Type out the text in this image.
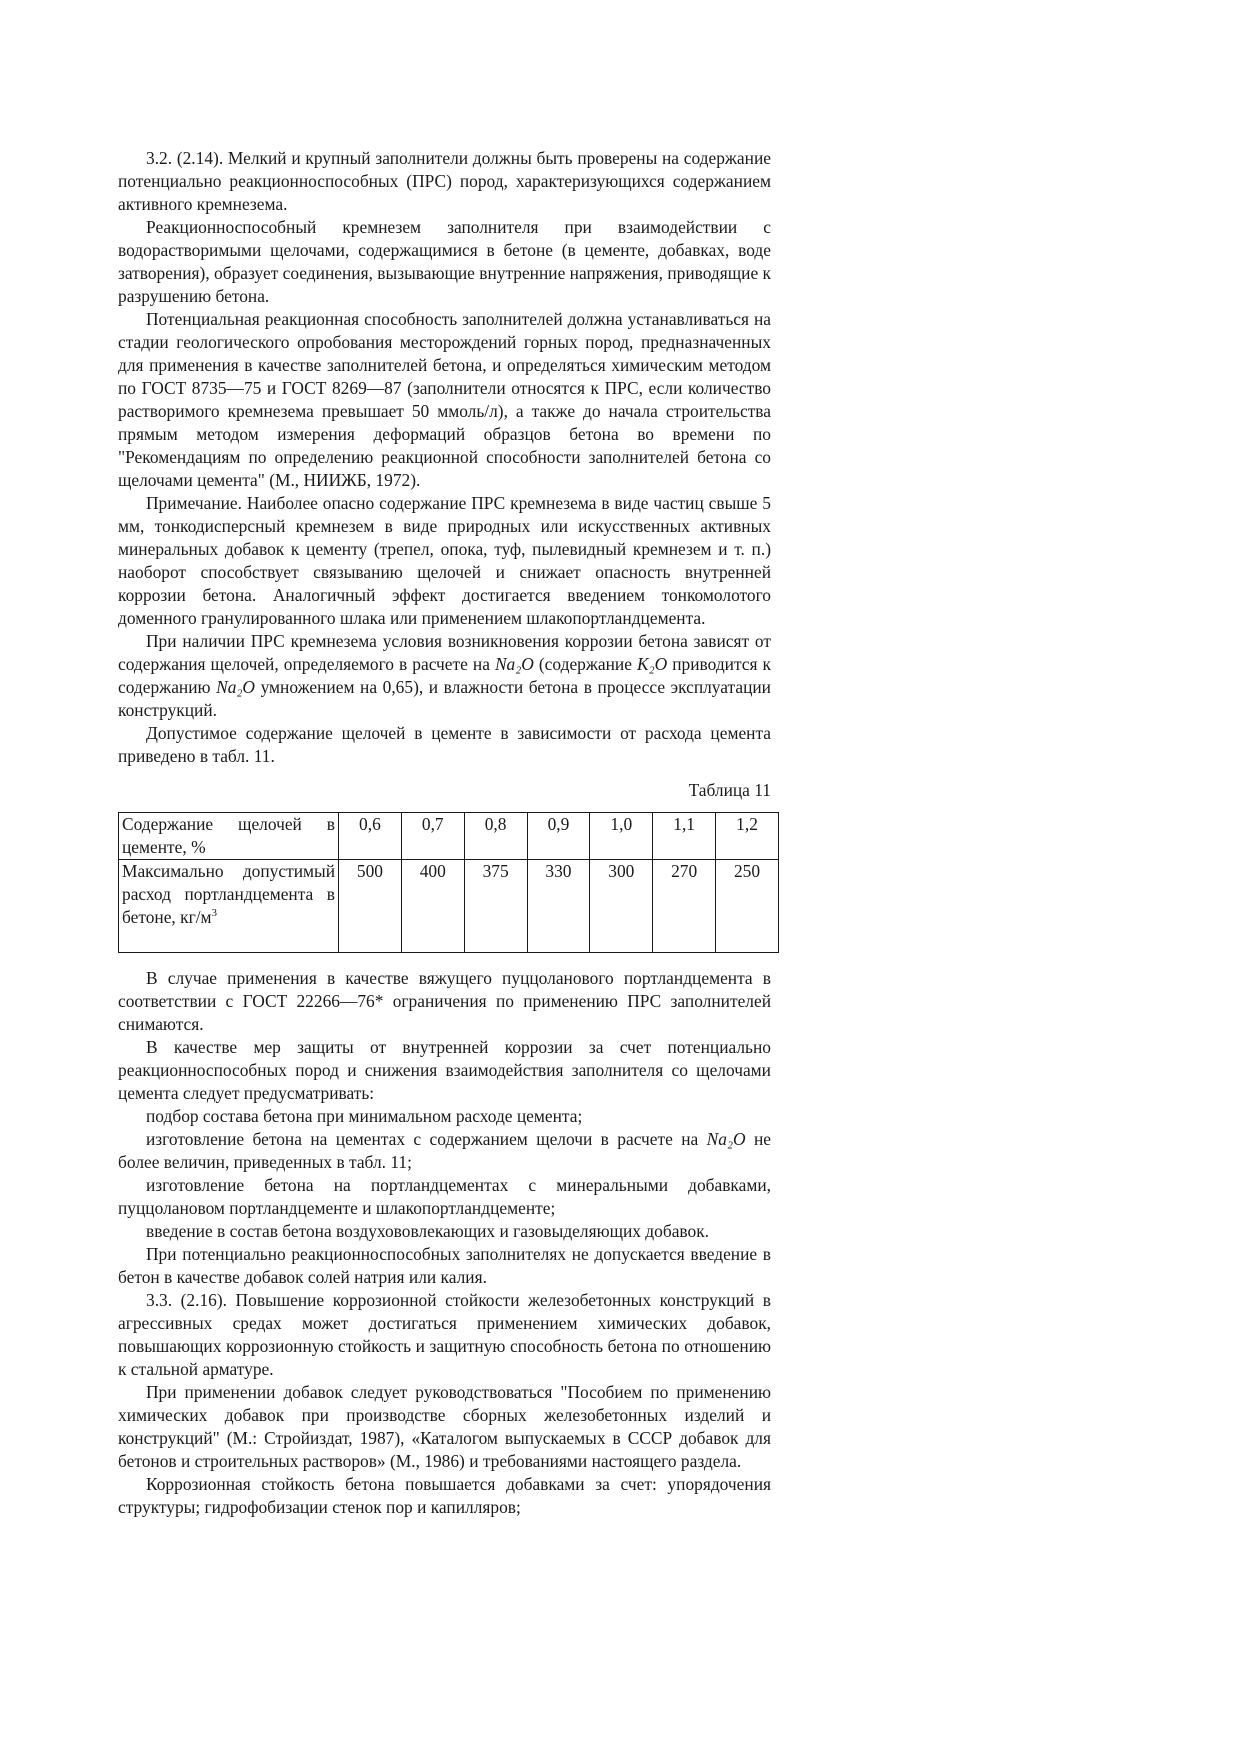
3.2. (2.14). Мелкий и крупный заполнители должны быть проверены на содержание потенциально реакционноспособных (ПРС) пород, характеризующихся содержанием активного кремнезема.

Реакционноспособный кремнезем заполнителя при взаимодействии с водорастворимыми щелочами, содержащимися в бетоне (в цементе, добавках, воде затворения), образует соединения, вызывающие внутренние напряжения, приводящие к разрушению бетона.

Потенциальная реакционная способность заполнителей должна устанавливаться на стадии геологического опробования месторождений горных пород, предназначенных для применения в качестве заполнителей бетона, и определяться химическим методом по ГОСТ 8735—75 и ГОСТ 8269—87 (заполнители относятся к ПРС, если количество растворимого кремнезема превышает 50 ммоль/л), а также до начала строительства прямым методом измерения деформаций образцов бетона во времени по "Рекомендациям по определению реакционной способности заполнителей бетона со щелочами цемента" (М., НИИЖБ, 1972).

Примечание. Наиболее опасно содержание ПРС кремнезема в виде частиц свыше 5 мм, тонкодисперсный кремнезем в виде природных или искусственных активных минеральных добавок к цементу (трепел, опока, туф, пылевидный кремнезем и т. п.) наоборот способствует связыванию щелочей и снижает опасность внутренней коррозии бетона. Аналогичный эффект достигается введением тонкомолотого доменного гранулированного шлака или применением шлакопортландцемента.

При наличии ПРС кремнезема условия возникновения коррозии бетона зависят от содержания щелочей, определяемого в расчете на Na₂O (содержание K₂O приводится к содержанию Na₂O умножением на 0,65), и влажности бетона в процессе эксплуатации конструкций.

Допустимое содержание щелочей в цементе в зависимости от расхода цемента приведено в табл. 11.

Таблица 11
Содержание щелочей в цементе, %	0,6	0,7	0,8	0,9	1,0	1,1	1,2
Максимально допустимый расход портландцемента в бетоне, $кг/м^3$	500	400	375	330	300	270	250

В случае применения в качестве вяжущего пуццоланового портландцемента в соответствии с ГОСТ 22266—76* ограничения по применению ПРС заполнителей снимаются.

В качестве мер защиты от внутренней коррозии за счет потенциально реакционноспособных пород и снижения взаимодействия заполнителя со щелочами цемента следует предусматривать:

подбор состава бетона при минимальном расходе цемента;

изготовление бетона на цементах с содержанием щелочи в расчете на Na₂O не более величин, приведенных в табл. 11;

изготовление бетона на портландцементах с минеральными добавками, пуццолановом портландцементе и шлакопортландцементе;

введение в состав бетона воздухововлекающих и газовыделяющих добавок.

При потенциально реакционноспособных заполнителях не допускается введение в бетон в качестве добавок солей натрия или калия.

3.3. (2.16). Повышение коррозионной стойкости железобетонных конструкций в агрессивных средах может достигаться применением химических добавок, повышающих коррозионную стойкость и защитную способность бетона по отношению к стальной арматуре.

При применении добавок следует руководствоваться "Пособием по применению химических добавок при производстве сборных железобетонных изделий и конструкций" (М.: Стройиздат, 1987), «Каталогом выпускаемых в СССР добавок для бетонов и строительных растворов» (М., 1986) и требованиями настоящего раздела.

Коррозионная стойкость бетона повышается добавками за счет: упорядочения структуры; гидрофобизации стенок пор и капилляров;
